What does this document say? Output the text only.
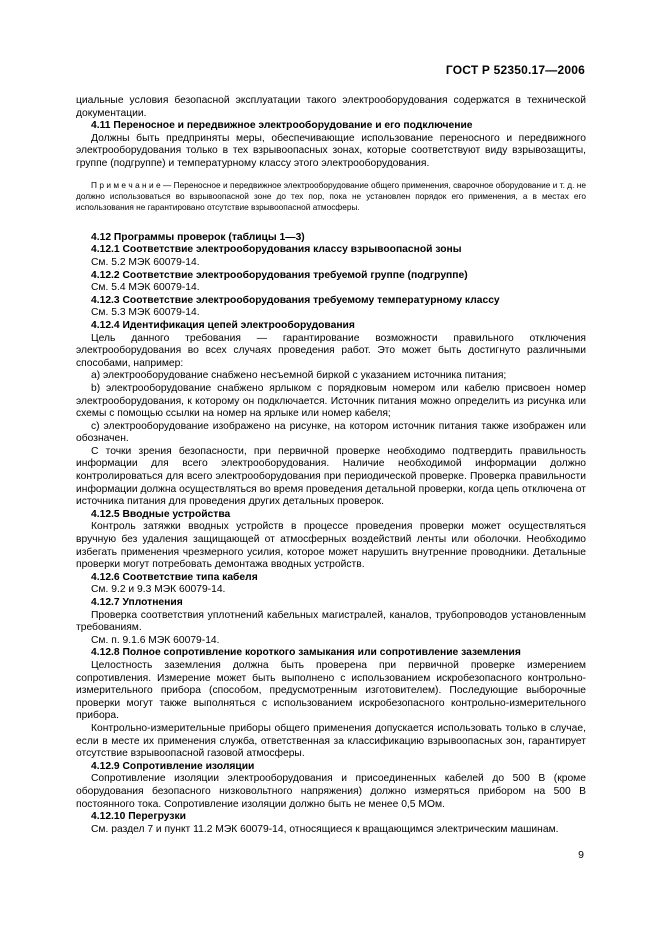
ГОСТ Р 52350.17—2006

циальные условия безопасной эксплуатации такого электрооборудования содержатся в технической документации.

4.11 Переносное и передвижное электрооборудование и его подключение

Должны быть предприняты меры, обеспечивающие использование переносного и передвижного электрооборудования только в тех взрывоопасных зонах, которые соответствуют виду взрывозащиты, группе (подгруппе) и температурному классу этого электрооборудования.

П р и м е ч а н и е — Переносное и передвижное электрооборудование общего применения, сварочное оборудование и т. д. не должно использоваться во взрывоопасной зоне до тех пор, пока не установлен порядок его применения, а в местах его использования не гарантировано отсутствие взрывоопасной атмосферы.

4.12 Программы проверок (таблицы 1—3)

4.12.1 Соответствие электрооборудования классу взрывоопасной зоны

См. 5.2 МЭК 60079-14.

4.12.2 Соответствие электрооборудования требуемой группе (подгруппе)

См. 5.4 МЭК 60079-14.

4.12.3 Соответствие электрооборудования требуемому температурному классу

См. 5.3 МЭК 60079-14.

4.12.4 Идентификация цепей электрооборудования

Цель данного требования — гарантирование возможности правильного отключения электрооборудования во всех случаях проведения работ. Это может быть достигнуто различными способами, например:

а) электрооборудование снабжено несъемной биркой с указанием источника питания;

b) электрооборудование снабжено ярлыком с порядковым номером или кабелю присвоен номер электрооборудования, к которому он подключается. Источник питания можно определить из рисунка или схемы с помощью ссылки на номер на ярлыке или номер кабеля;

c) электрооборудование изображено на рисунке, на котором источник питания также изображен или обозначен.

С точки зрения безопасности, при первичной проверке необходимо подтвердить правильность информации для всего электрооборудования. Наличие необходимой информации должно контролироваться для всего электрооборудования при периодической проверке. Проверка правильности информации должна осуществляться во время проведения детальной проверки, когда цепь отключена от источника питания для проведения других детальных проверок.

4.12.5 Вводные устройства

Контроль затяжки вводных устройств в процессе проведения проверки может осуществляться вручную без удаления защищающей от атмосферных воздействий ленты или оболочки. Необходимо избегать применения чрезмерного усилия, которое может нарушить внутренние проводники. Детальные проверки могут потребовать демонтажа вводных устройств.

4.12.6 Соответствие типа кабеля

См. 9.2 и 9.3 МЭК 60079-14.

4.12.7 Уплотнения

Проверка соответствия уплотнений кабельных магистралей, каналов, трубопроводов установленным требованиям.

См. п. 9.1.6 МЭК 60079-14.

4.12.8 Полное сопротивление короткого замыкания или сопротивление заземления

Целостность заземления должна быть проверена при первичной проверке измерением сопротивления. Измерение может быть выполнено с использованием искробезопасного контрольно-измерительного прибора (способом, предусмотренным изготовителем). Последующие выборочные проверки могут также выполняться с использованием искробезопасного контрольно-измерительного прибора.

Контрольно-измерительные приборы общего применения допускается использовать только в случае, если в месте их применения служба, ответственная за классификацию взрывоопасных зон, гарантирует отсутствие взрывоопасной газовой атмосферы.

4.12.9 Сопротивление изоляции

Сопротивление изоляции электрооборудования и присоединенных кабелей до 500 В (кроме оборудования безопасного низковольтного напряжения) должно измеряться прибором на 500 В постоянного тока. Сопротивление изоляции должно быть не менее 0,5 МОм.

4.12.10 Перегрузки

См. раздел 7 и пункт 11.2 МЭК 60079-14, относящиеся к вращающимся электрическим машинам.

9
